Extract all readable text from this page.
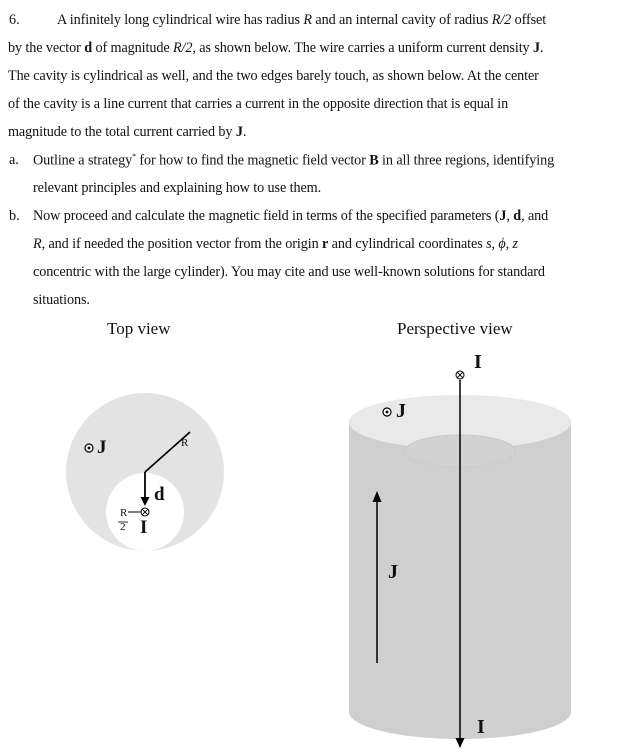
6.	A infinitely long cylindrical wire has radius R and an internal cavity of radius R/2 offset
by the vector d of magnitude R/2, as shown below. The wire carries a uniform current density J.
The cavity is cylindrical as well, and the two edges barely touch, as shown below. At the center
of the cavity is a line current that carries a current in the opposite direction that is equal in
magnitude to the total current carried by J.
a. Outline a strategy* for how to find the magnetic field vector B in all three regions, identifying
relevant principles and explaining how to use them.
b. Now proceed and calculate the magnetic field in terms of the specified parameters (J, d, and
R, and if needed the position vector from the origin r and cylindrical coordinates s, ϕ, z
concentric with the large cylinder). You may cite and use well-known solutions for standard
situations.
Top view	Perspective view
J	R
d
R
2 I
I
J
J
I
